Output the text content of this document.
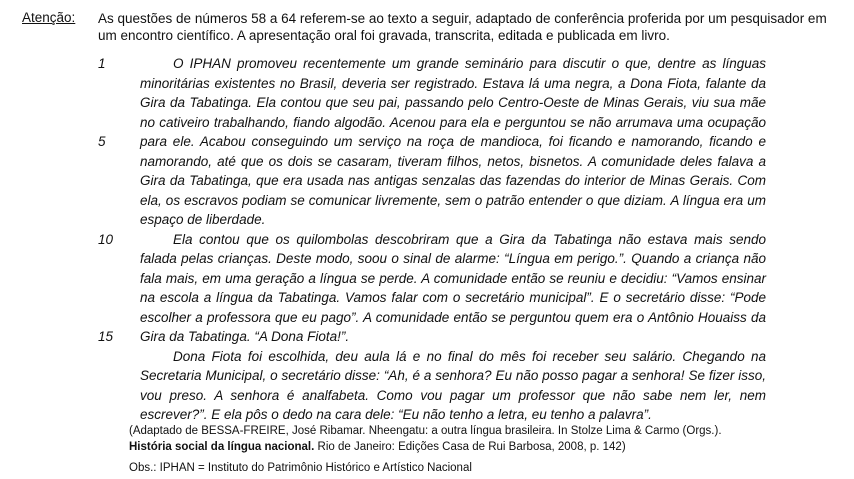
Atenção: As questões de números 58 a 64 referem-se ao texto a seguir, adaptado de conferência proferida por um pesquisador em um encontro científico. A apresentação oral foi gravada, transcrita, editada e publicada em livro.
1
5
10
15

O IPHAN promoveu recentemente um grande seminário para discutir o que, dentre as línguas minoritárias existentes no Brasil, deveria ser registrado. Estava lá uma negra, a Dona Fiota, falante da Gira da Tabatinga. Ela contou que seu pai, passando pelo Centro-Oeste de Minas Gerais, viu sua mãe no cativeiro trabalhando, fiando algodão. Acenou para ela e perguntou se não arrumava uma ocupação para ele. Acabou conseguindo um serviço na roça de mandioca, foi ficando e namorando, ficando e namorando, até que os dois se casaram, tiveram filhos, netos, bisnetos. A comunidade deles falava a Gira da Tabatinga, que era usada nas antigas senzalas das fazendas do interior de Minas Gerais. Com ela, os escravos podiam se comunicar livremente, sem o patrão entender o que diziam. A língua era um espaço de liberdade.

Ela contou que os quilombolas descobriram que a Gira da Tabatinga não estava mais sendo falada pelas crianças. Deste modo, soou o sinal de alarme: “Língua em perigo.”. Quando a criança não fala mais, em uma geração a língua se perde. A comunidade então se reuniu e decidiu: “Vamos ensinar na escola a língua da Tabatinga. Vamos falar com o secretário municipal”. E o secretário disse: “Pode escolher a professora que eu pago”. A comunidade então se perguntou quem era o Antônio Houaiss da Gira da Tabatinga. “A Dona Fiota!”.

Dona Fiota foi escolhida, deu aula lá e no final do mês foi receber seu salário. Chegando na Secretaria Municipal, o secretário disse: “Ah, é a senhora? Eu não posso pagar a senhora! Se fizer isso, vou preso. A senhora é analfabeta. Como vou pagar um professor que não sabe nem ler, nem escrever?”. E ela pôs o dedo na cara dele: “Eu não tenho a letra, eu tenho a palavra”.

(Adaptado de BESSA-FREIRE, José Ribamar. Nheengatu: a outra língua brasileira. In Stolze Lima & Carmo (Orgs.).
História social da língua nacional. Rio de Janeiro: Edições Casa de Rui Barbosa, 2008, p. 142)
Obs.: IPHAN = Instituto do Patrimônio Histórico e Artístico Nacional
